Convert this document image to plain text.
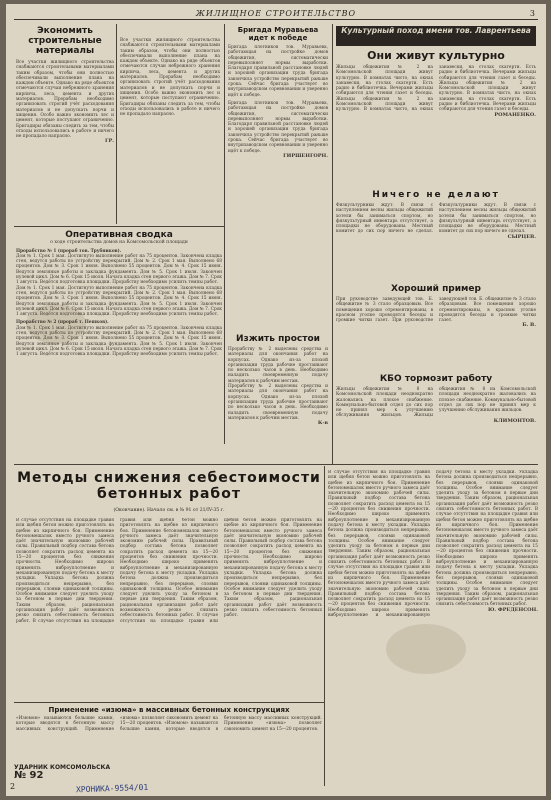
ЖИЛИЩНОЕ СТРОИТЕЛЬСТВО	3
Экономить строительные материалы
Все участки жилищного строительства снабжаются строительными материалами таким образом, чтобы они полностью обеспечивали выполнение плана на каждом объекте. Однако на ряде объектов отмечаются случаи небрежного хранения кирпича, леса, цемента и других материалов. Прорабам необходимо организовать строгий учёт расходования материалов и не допускать порчи и хищения. Особо важно экономить лес и цемент, которые поступают ограниченно. Бригадиры обязаны следить за тем, чтобы отходы использовались в работе и ничего не пропадало напрасно.
ГР.
Все участки жилищного строительства снабжаются строительными материалами таким образом, чтобы они полностью обеспечивали выполнение плана на каждом объекте. Однако на ряде объектов отмечаются случаи небрежного хранения кирпича, леса, цемента и других материалов. Прорабам необходимо организовать строгий учёт расходования материалов и не допускать порчи и хищения. Особо важно экономить лес и цемент, которые поступают ограниченно. Бригадиры обязаны следить за тем, чтобы отходы использовались в работе и ничего не пропадало напрасно.
Бригада Муравьева идет к победе
Бригада плотников тов. Муравьева, работающая на постройке домов общежития, систематически перевыполняет нормы выработки. Благодаря правильной расстановке людей и хорошей организации труда бригада закончила устройство перекрытий раньше срока. Сейчас бригада участвует во внутризаводском соревновании и уверенно идёт к победе.
Бригада плотников тов. Муравьева, работающая на постройке домов общежития, систематически перевыполняет нормы выработки. Благодаря правильной расстановке людей и хорошей организации труда бригада закончила устройство перекрытий раньше срока. Сейчас бригада участвует во внутризаводском соревновании и уверенно идёт к победе.
ГИРШЕНГОРН.
Оперативная сводка
о ходе строительства домов на Комсомольской площади
Прорабство № 1 (прораб тов. Трубников).
Дом № 1. Срок 1 мая. Достигнуто выполнение работ на 75 процентов. Закончена кладка стен, ведутся работы по устройству перекрытий. Дом № 2. Срок 1 мая. Выполнено 68 процентов. Дом № 3. Срок 1 июня. Выполнено 55 процентов. Дом № 4. Срок 15 июня. Ведутся земляные работы и закладка фундамента. Дом № 5. Срок 1 июля. Закончен нулевой цикл. Дом № 6. Срок 15 июля. Начата кладка стен первого этажа. Дом № 7. Срок 1 августа. Ведётся подготовка площадки. Прорабству необходимо усилить темпы работ.
Дом № 1. Срок 1 мая. Достигнуто выполнение работ на 75 процентов. Закончена кладка стен, ведутся работы по устройству перекрытий. Дом № 2. Срок 1 мая. Выполнено 68 процентов. Дом № 3. Срок 1 июня. Выполнено 55 процентов. Дом № 4. Срок 15 июня. Ведутся земляные работы и закладка фундамента. Дом № 5. Срок 1 июля. Закончен нулевой цикл. Дом № 6. Срок 15 июля. Начата кладка стен первого этажа. Дом № 7. Срок 1 августа. Ведётся подготовка площадки. Прорабству необходимо усилить темпы работ.
Прорабство № 2 (прораб т. Пешков).
Дом № 1. Срок 1 мая. Достигнуто выполнение работ на 75 процентов. Закончена кладка стен, ведутся работы по устройству перекрытий. Дом № 2. Срок 1 мая. Выполнено 68 процентов. Дом № 3. Срок 1 июня. Выполнено 55 процентов. Дом № 4. Срок 15 июня. Ведутся земляные работы и закладка фундамента. Дом № 5. Срок 1 июля. Закончен нулевой цикл. Дом № 6. Срок 15 июля. Начата кладка стен первого этажа. Дом № 7. Срок 1 августа. Ведётся подготовка площадки. Прорабству необходимо усилить темпы работ.
Изжить простои
Прорабству № 2 выделены средства и материалы для окончания работ на корпусах. Однако из-за плохой организации труда рабочие простаивают по несколько часов в день. Необходимо наладить своевременную подачу материалов к рабочим местам.
Прорабству № 2 выделены средства и материалы для окончания работ на корпусах. Однако из-за плохой организации труда рабочие простаивают по несколько часов в день. Необходимо наладить своевременную подачу материалов к рабочим местам.
К-в
Культурный поход имени тов. Лаврентьева
Они живут культурно
Жильцы общежития № 2 на Комсомольской площади живут культурно. В комнатах чисто, на окнах занавески, на столах скатерти. Есть радио и библиотечка. Вечерами жильцы собираются для чтения газет и беседы. Жильцы общежития № 2 на Комсомольской площади живут культурно. В комнатах чисто, на окнах занавески, на столах скатерти. Есть радио и библиотечка. Вечерами жильцы собираются для чтения газет и беседы. Жильцы общежития № 2 на Комсомольской площади живут культурно. В комнатах чисто, на окнах занавески, на столах скатерти. Есть радио и библиотечка. Вечерами жильцы собираются для чтения газет и беседы.
РОМАНЕНКО.
Ничего не делают
Физкультурники ждут. В связи с наступлением весны жильцы общежитий хотели бы заниматься спортом, но физкультурный инвентарь отсутствует, а площадки не оборудованы. Местный комитет до сих пор ничего не сделал. Физкультурники ждут. В связи с наступлением весны жильцы общежитий хотели бы заниматься спортом, но физкультурный инвентарь отсутствует, а площадки не оборудованы. Местный комитет до сих пор ничего не сделал.
СЫРЦЕВ.
Хороший пример
При руководстве заведующей тов. Б. общежитие № 3 стало образцовым. Все помещения хорошо отремонтированы, в красном уголке проводятся беседы и громкие читки газет. При руководстве заведующей тов. Б. общежитие № 3 стало образцовым. Все помещения хорошо отремонтированы, в красном уголке проводятся беседы и громкие читки газет.
Б. В.
КБО тормозит работу
Жильцы общежития № 8 на Комсомольской площади неоднократно жаловались на плохое снабжение. Коммунально-бытовой отдел до сих пор не принял мер к улучшению обслуживания жильцов.	Жильцы общежития № 8 на Комсомольской площади неоднократно жаловались на плохое снабжение. Коммунально-бытовой отдел до сих пор не принял мер к улучшению обслуживания жильцов.
КЛИМОНТОВ.
Методы снижения себестоимости бетонных работ
(Окончание). Начало см. в № 91 от 21/IV-35 г.
В случае отсутствия на площадке гравия или щебня бетон можно приготовлять на щебне из кирпичного боя. Применение бетономешалок вместо ручного замеса даёт значительную экономию рабочей силы. Правильный подбор состава бетона позволяет сократить расход цемента на 15—20 процентов без снижения прочности. Необходимо широко применять виброуплотнение и механизированную подачу бетона к месту укладки. Укладка бетона должна производиться непрерывно, без перерывов, слоями одинаковой толщины. Особое внимание следует уделить уходу за бетоном в первые дни твердения. Таким образом, рациональная организация работ даёт возможность резко снизить себестоимость бетонных работ. В случае отсутствия на площадке гравия или щебня бетон можно приготовлять на щебне из кирпичного боя. Применение бетономешалок вместо ручного замеса даёт значительную экономию рабочей силы. Правильный подбор состава бетона позволяет сократить расход цемента на 15—20 процентов без снижения прочности. Необходимо широко применять виброуплотнение и механизированную подачу бетона к месту укладки. Укладка бетона должна производиться непрерывно, без перерывов, слоями одинаковой толщины. Особое внимание следует уделить уходу за бетоном в первые дни твердения. Таким образом, рациональная организация работ даёт возможность резко снизить себестоимость бетонных работ. В случае отсутствия на площадке гравия или щебня бетон можно приготовлять на щебне из кирпичного боя. Применение бетономешалок вместо ручного замеса даёт значительную экономию рабочей силы. Правильный подбор состава бетона позволяет сократить расход цемента на 15—20 процентов без снижения прочности. Необходимо широко применять виброуплотнение и механизированную подачу бетона к месту укладки. Укладка бетона должна производиться непрерывно, без перерывов, слоями одинаковой толщины. Особое внимание следует уделить уходу за бетоном в первые дни твердения. Таким образом, рациональная организация работ даёт возможность резко снизить себестоимость бетонных работ.
В случае отсутствия на площадке гравия или щебня бетон можно приготовлять на щебне из кирпичного боя. Применение бетономешалок вместо ручного замеса даёт значительную экономию рабочей силы. Правильный подбор состава бетона позволяет сократить расход цемента на 15—20 процентов без снижения прочности. Необходимо широко применять виброуплотнение и механизированную подачу бетона к месту укладки. Укладка бетона должна производиться непрерывно, без перерывов, слоями одинаковой толщины. Особое внимание следует уделить уходу за бетоном в первые дни твердения. Таким образом, рациональная организация работ даёт возможность резко снизить себестоимость бетонных работ. В случае отсутствия на площадке гравия или щебня бетон можно приготовлять на щебне из кирпичного боя. Применение бетономешалок вместо ручного замеса даёт значительную экономию рабочей силы. Правильный подбор состава бетона позволяет сократить расход цемента на 15—20 процентов без снижения прочности. Необходимо широко применять виброуплотнение и механизированную подачу бетона к месту укладки. Укладка бетона должна производиться непрерывно, без перерывов, слоями одинаковой толщины. Особое внимание следует уделить уходу за бетоном в первые дни твердения. Таким образом, рациональная организация работ даёт возможность резко снизить себестоимость бетонных работ. В случае отсутствия на площадке гравия или щебня бетон можно приготовлять на щебне из кирпичного боя. Применение бетономешалок вместо ручного замеса даёт значительную экономию рабочей силы. Правильный подбор состава бетона позволяет сократить расход цемента на 15—20 процентов без снижения прочности. Необходимо широко применять виброуплотнение и механизированную подачу бетона к месту укладки. Укладка бетона должна производиться непрерывно, без перерывов, слоями одинаковой толщины. Особое внимание следует уделить уходу за бетоном в первые дни твердения. Таким образом, рациональная организация работ даёт возможность резко снизить себестоимость бетонных работ.
Ю. ФРЕДЕНСОН.
Применение «изюма» в массивных бетонных конструкциях
«Изюмом» называются большие камни, которые вводятся в бетонную массу массивных конструкций. Применение «изюма» позволяет сэкономить цемент на 15—20 процентов. «Изюмом» называются большие камни, которые вводятся в бетонную массу массивных конструкций. Применение «изюма» позволяет сэкономить цемент на 15—20 процентов.
УДАРНИК КОМСОМОЛЬСКА
№ 92
2	ХРОНИКА-9554/01
